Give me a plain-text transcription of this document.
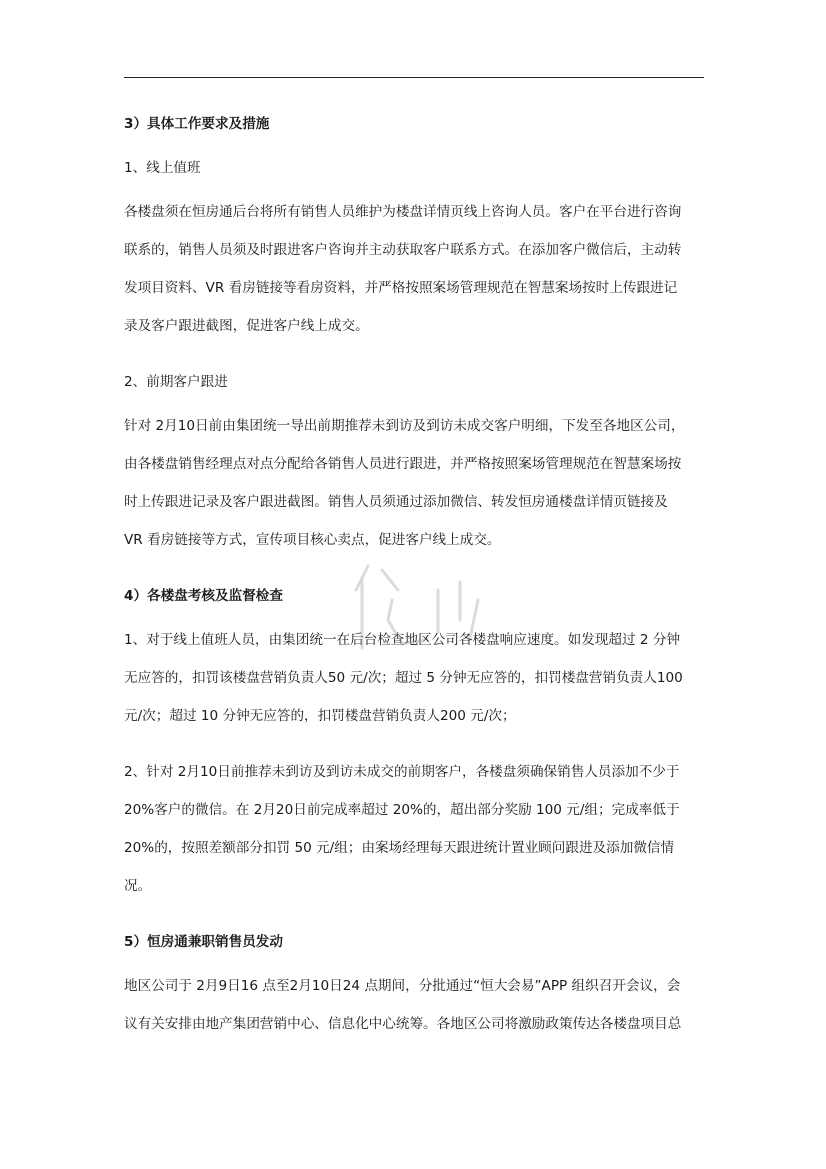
3）具体工作要求及措施
1、线上值班
各楼盘须在恒房通后台将所有销售人员维护为楼盘详情页线上咨询人员。客户在平台进行咨询
联系的，销售人员须及时跟进客户咨询并主动获取客户联系方式。在添加客户微信后，主动转
发项目资料、VR 看房链接等看房资料，并严格按照案场管理规范在智慧案场按时上传跟进记
录及客户跟进截图，促进客户线上成交。
2、前期客户跟进
针对 2月10日前由集团统一导出前期推荐未到访及到访未成交客户明细，下发至各地区公司，
由各楼盘销售经理点对点分配给各销售人员进行跟进，并严格按照案场管理规范在智慧案场按
时上传跟进记录及客户跟进截图。销售人员须通过添加微信、转发恒房通楼盘详情页链接及
VR 看房链接等方式，宣传项目核心卖点，促进客户线上成交。
4）各楼盘考核及监督检查
1、对于线上值班人员，由集团统一在后台检查地区公司各楼盘响应速度。如发现超过 2 分钟
无应答的，扣罚该楼盘营销负责人50 元/次；超过 5 分钟无应答的，扣罚楼盘营销负责人100
元/次；超过 10 分钟无应答的，扣罚楼盘营销负责人200 元/次；
2、针对 2月10日前推荐未到访及到访未成交的前期客户，各楼盘须确保销售人员添加不少于
20%客户的微信。在 2月20日前完成率超过 20%的，超出部分奖励 100 元/组；完成率低于
20%的，按照差额部分扣罚 50 元/组；由案场经理每天跟进统计置业顾问跟进及添加微信情
况。
5）恒房通兼职销售员发动
地区公司于 2月9日16 点至2月10日24 点期间，分批通过“恒大会易”APP 组织召开会议，会
议有关安排由地产集团营销中心、信息化中心统筹。各地区公司将激励政策传达各楼盘项目总
